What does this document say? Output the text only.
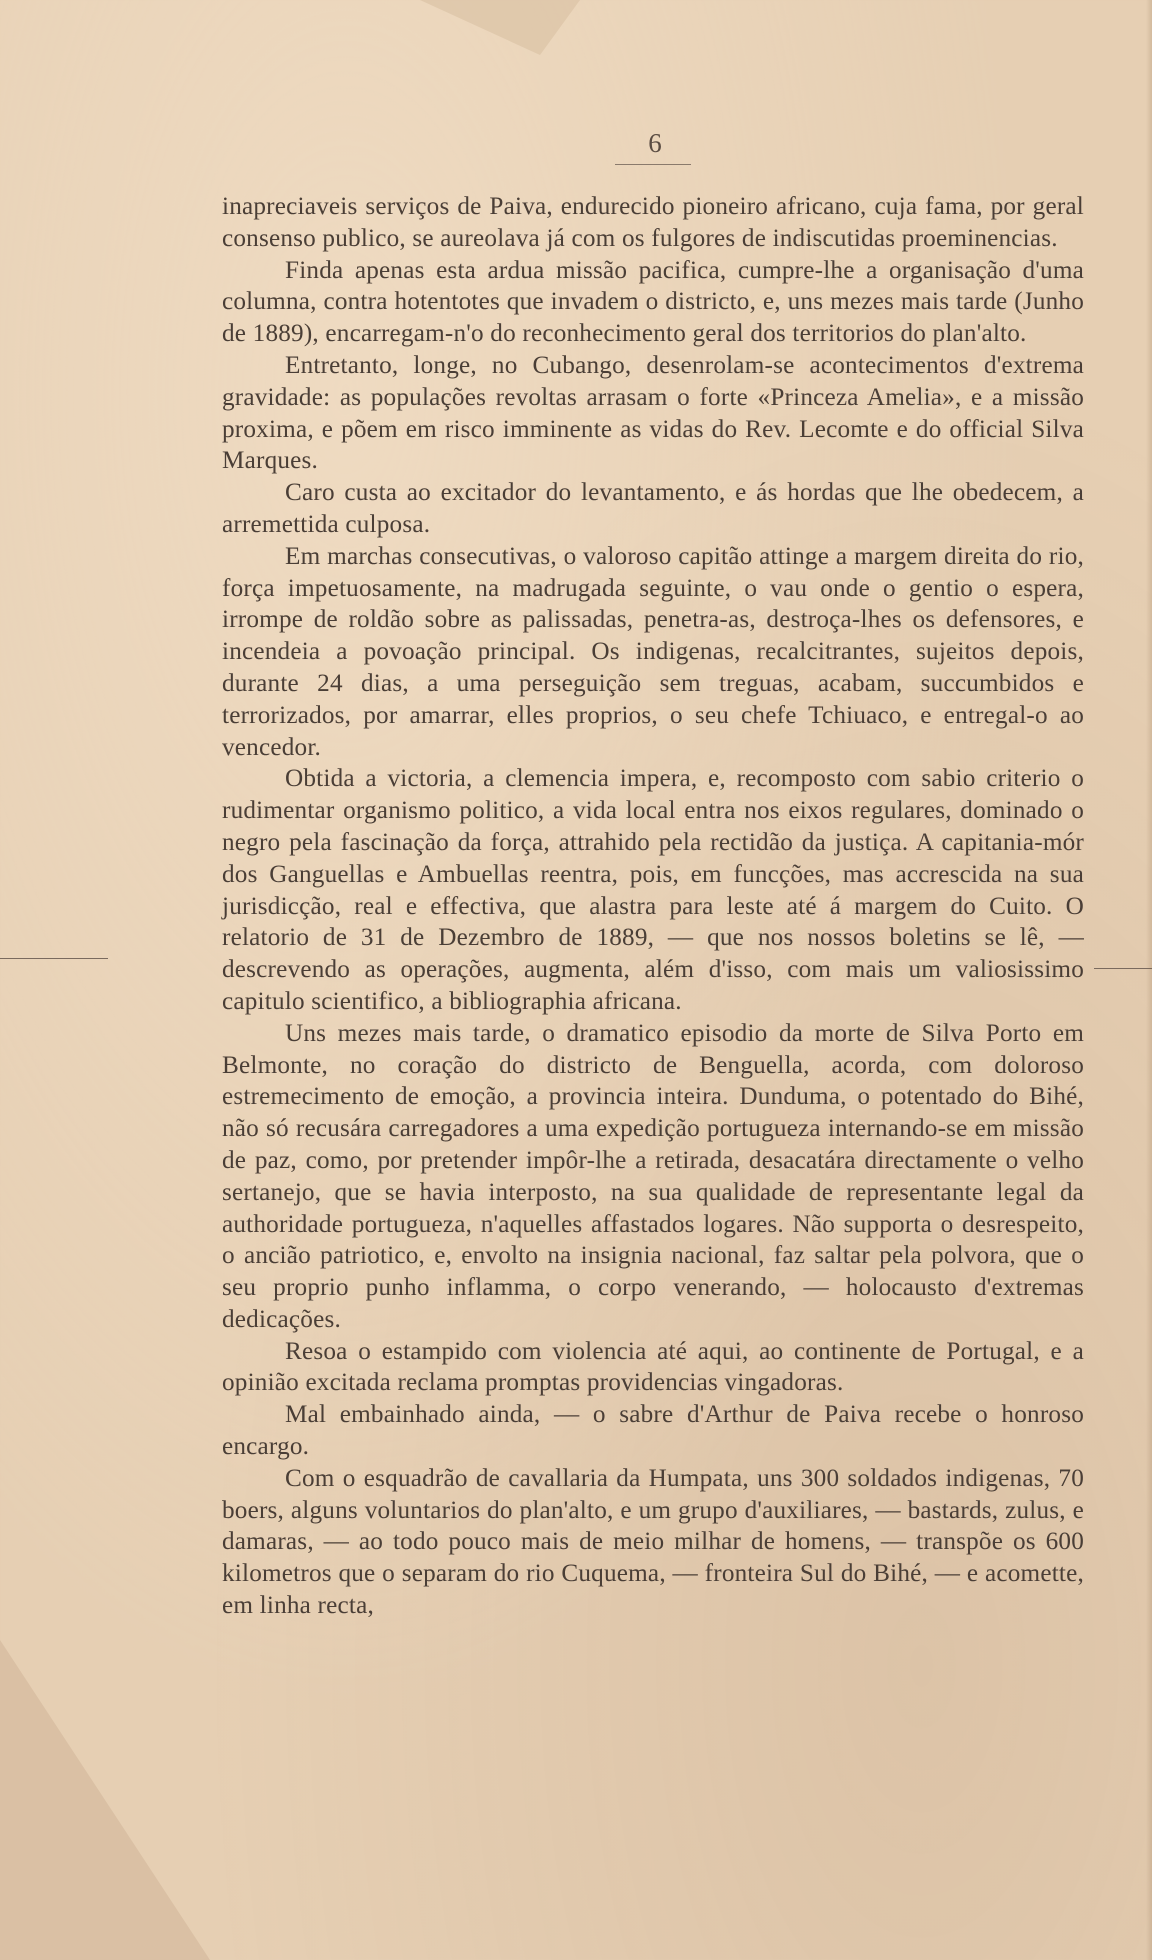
6

inapreciaveis serviços de Paiva, endurecido pioneiro africano, cuja fama, por geral consenso publico, se aureolava já com os fulgores de indiscutidas proeminencias.

Finda apenas esta ardua missão pacifica, cumpre-lhe a organisação d'uma columna, contra hotentotes que invadem o districto, e, uns mezes mais tarde (Junho de 1889), encarregam-n'o do reconhecimento geral dos territorios do plan'alto.

Entretanto, longe, no Cubango, desenrolam-se acontecimentos d'extrema gravidade: as populações revoltas arrasam o forte «Princeza Amelia», e a missão proxima, e põem em risco imminente as vidas do Rev. Lecomte e do official Silva Marques.

Caro custa ao excitador do levantamento, e ás hordas que lhe obedecem, a arremettida culposa.

Em marchas consecutivas, o valoroso capitão attinge a margem direita do rio, força impetuosamente, na madrugada seguinte, o vau onde o gentio o espera, irrompe de roldão sobre as palissadas, penetra-as, destroça-lhes os defensores, e incendeia a povoação principal. Os indigenas, recalcitrantes, sujeitos depois, durante 24 dias, a uma perseguição sem treguas, acabam, succumbidos e terrorizados, por amarrar, elles proprios, o seu chefe Tchiuaco, e entregal-o ao vencedor.

Obtida a victoria, a clemencia impera, e, recomposto com sabio criterio o rudimentar organismo politico, a vida local entra nos eixos regulares, dominado o negro pela fascinação da força, attrahido pela rectidão da justiça. A capitania-mór dos Ganguellas e Ambuellas reentra, pois, em funcções, mas accrescida na sua jurisdicção, real e effectiva, que alastra para leste até á margem do Cuito. O relatorio de 31 de Dezembro de 1889, — que nos nossos boletins se lê, — descrevendo as operações, augmenta, além d'isso, com mais um valiosissimo capitulo scientifico, a bibliographia africana.

Uns mezes mais tarde, o dramatico episodio da morte de Silva Porto em Belmonte, no coração do districto de Benguella, acorda, com doloroso estremecimento de emoção, a provincia inteira. Dunduma, o potentado do Bihé, não só recusára carregadores a uma expedição portugueza internando-se em missão de paz, como, por pretender impôr-lhe a retirada, desacatára directamente o velho sertanejo, que se havia interposto, na sua qualidade de representante legal da authoridade portugueza, n'aquelles affastados logares. Não supporta o desrespeito, o ancião patriotico, e, envolto na insignia nacional, faz saltar pela polvora, que o seu proprio punho inflamma, o corpo venerando, — holocausto d'extremas dedicações.

Resoa o estampido com violencia até aqui, ao continente de Portugal, e a opinião excitada reclama promptas providencias vingadoras.

Mal embainhado ainda, — o sabre d'Arthur de Paiva recebe o honroso encargo.

Com o esquadrão de cavallaria da Humpata, uns 300 soldados indigenas, 70 boers, alguns voluntarios do plan'alto, e um grupo d'auxiliares, — bastards, zulus, e damaras, — ao todo pouco mais de meio milhar de homens, — transpõe os 600 kilometros que o separam do rio Cuquema, — fronteira Sul do Bihé, — e acomette, em linha recta,
